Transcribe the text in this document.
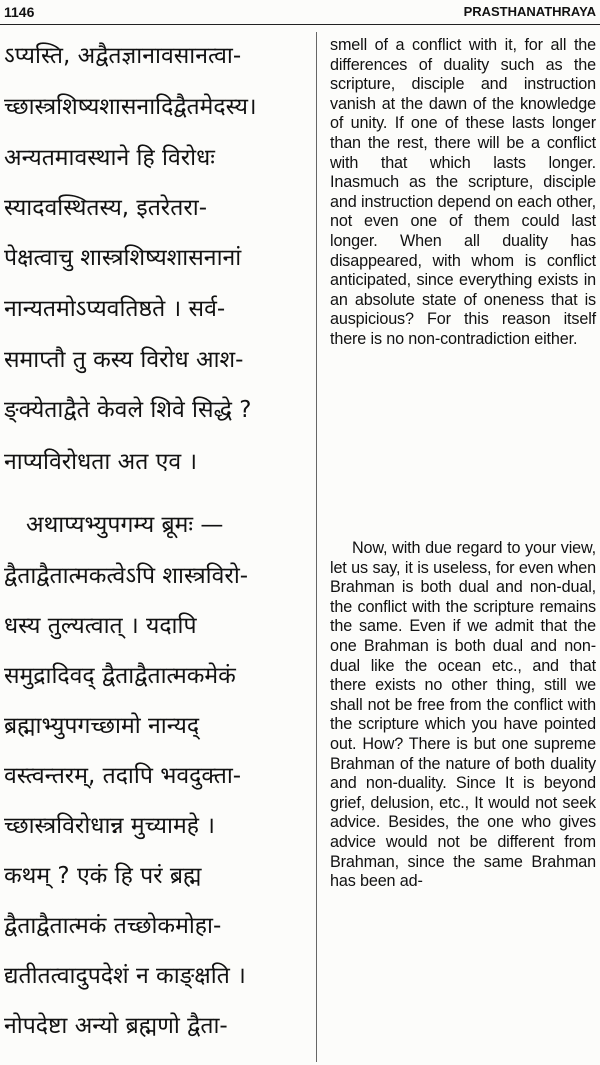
1146	PRASTHANATHRAYA
ऽप्यस्ति, अद्वैतज्ञानावसानत्वा-
च्छास्त्रशिष्यशासनादिद्वैतमेदस्य।
अन्यतमावस्थाने हि विरोधः
स्यादवस्थितस्य, इतरेतरा-
पेक्षत्वाचु शास्त्रशिष्यशासनानां
नान्यतमोऽप्यवतिष्ठते । सर्व-
समाप्तौ तु कस्य विरोध आश-
ङ्क्येताद्वैते केवले शिवे सिद्धे ?
नाप्यविरोधता अत एव ।
अथाप्यभ्युपगम्य ब्रूमः —
द्वैताद्वैतात्मकत्वेऽपि शास्त्रविरो-
धस्य तुल्यत्वात् । यदापि
समुद्रादिवद् द्वैताद्वैतात्मकमेकं
ब्रह्माभ्युपगच्छामो नान्यद्
वस्त्वन्तरम्, तदापि भवदुक्ता-
च्छास्त्रविरोधान्न मुच्यामहे ।
कथम् ? एकं हि परं ब्रह्म
द्वैताद्वैतात्मकं तच्छोकमोहा-
द्यतीतत्वादुपदेशं न काङ्क्षति ।
नोपदेष्टा अन्यो ब्रह्मणो द्वैता-

smell of a conflict with it, for all the differences of duality such as the scripture, disciple and instruction vanish at the dawn of the knowledge of unity. If one of these lasts longer than the rest, there will be a conflict with that which lasts longer. Inasmuch as the scripture, disciple and instruction depend on each other, not even one of them could last longer. When all duality has disappeared, with whom is conflict anticipated, since everything exists in an absolute state of oneness that is auspicious? For this reason itself there is no non-contradiction either.

Now, with due regard to your view, let us say, it is useless, for even when Brahman is both dual and non-dual, the conflict with the scripture remains the same. Even if we admit that the one Brahman is both dual and non-dual like the ocean etc., and that there exists no other thing, still we shall not be free from the conflict with the scripture which you have pointed out. How? There is but one supreme Brahman of the nature of both duality and non-duality. Since It is beyond grief, delusion, etc., It would not seek advice. Besides, the one who gives advice would not be different from Brahman, since the same Brahman has been ad-
